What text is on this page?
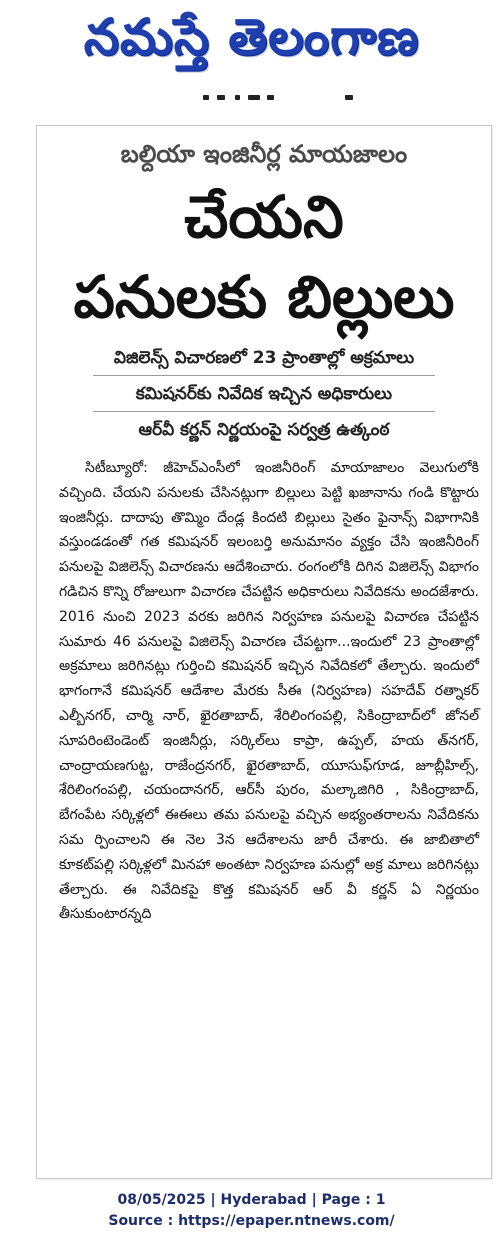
నమస్తే తెలంగాణ
బల్దియా ఇంజినీర్ల మాయజాలం
చేయని
పనులకు బిల్లులు
విజిలెన్స్ విచారణలో 23 ప్రాంతాల్లో అక్రమాలు
కమిషనర్‌కు నివేదిక ఇచ్చిన అధికారులు
ఆర్‌వీ కర్ణన్ నిర్ణయంపై సర్వత్ర ఉత్కంఠ
సిటీబ్యూరో: జీహెచ్‌ఎంసీలో ఇంజినీరింగ్ మాయాజాలం వెలుగులోకి వచ్చింది. చేయని పనులకు చేసినట్లుగా బిల్లులు పెట్టి ఖజానాను గండి కొట్టారు ఇంజినీర్లు. దాదాపు తొమ్మిం దేండ్ల కిందటి బిల్లులు సైతం ఫైనాన్స్ విభాగానికి వస్తుండడంతో గత కమిషనర్ ఇలంబర్తి అనుమానం వ్యక్తం చేసి ఇంజినీరింగ్ పనులపై విజిలెన్స్ విచారణను ఆదేశించారు. రంగంలోకి దిగిన విజిలెన్స్ విభాగం గడిచిన కొన్ని రోజులుగా విచారణ చేపట్టిన అధికారులు నివేదికను అందజేశారు. 2016 నుంచి 2023 వరకు జరిగిన నిర్వహణ పనులపై విచారణ చేపట్టిన సుమారు 46 పనులపై విజిలెన్స్ విచారణ చేపట్టగా...ఇందులో 23 ప్రాంతాల్లో అక్రమాలు జరిగినట్లు గుర్తించి కమిషనర్ ఇచ్చిన నివేదికలో తేల్చారు. ఇందులో భాగంగానే కమిషనర్ ఆదేశాల మేరకు సీఈ (నిర్వహణ) సహదేవ్ రత్నాకర్ ఎల్బీనగర్, చార్మి నార్, ఖైరతాబాద్, శేరిలింగంపల్లి, సికింద్రాబాద్‌లో జోనల్ సూపరింటెండెంట్ ఇంజినీర్లు, సర్కిల్‌లు కాప్రా, ఉప్పల్, హయ త్‌నగర్, చాంద్రాయణగుట్ట, రాజేంద్రనగర్, ఖైరతాబాద్, యూసుఫ్‌గూడ, జూబ్లీహిల్స్, శేరిలింగంపల్లి, చయందానగర్, ఆర్‌సీ పురం, మల్కాజిగిరి , సికింద్రాబాద్, బేగంపేట సర్కిళ్లలో ఈఈలు తమ పనులపై వచ్చిన అభ్యంతరాలను నివేదికను సమ ర్పించాలని ఈ నెల 3న ఆదేశాలను జారీ చేశారు. ఈ జాబితాలో కూకట్‌పల్లి సర్కిళ్లలో మినహా అంతటా నిర్వహణ పనుల్లో అక్ర మాలు జరిగినట్లు తేల్చారు. ఈ నివేదికపై కొత్త కమిషనర్ ఆర్ వీ కర్ణన్ ఏ నిర్ణయం తీసుకుంటారన్నది
08/05/2025 | Hyderabad | Page : 1
Source : https://epaper.ntnews.com/
